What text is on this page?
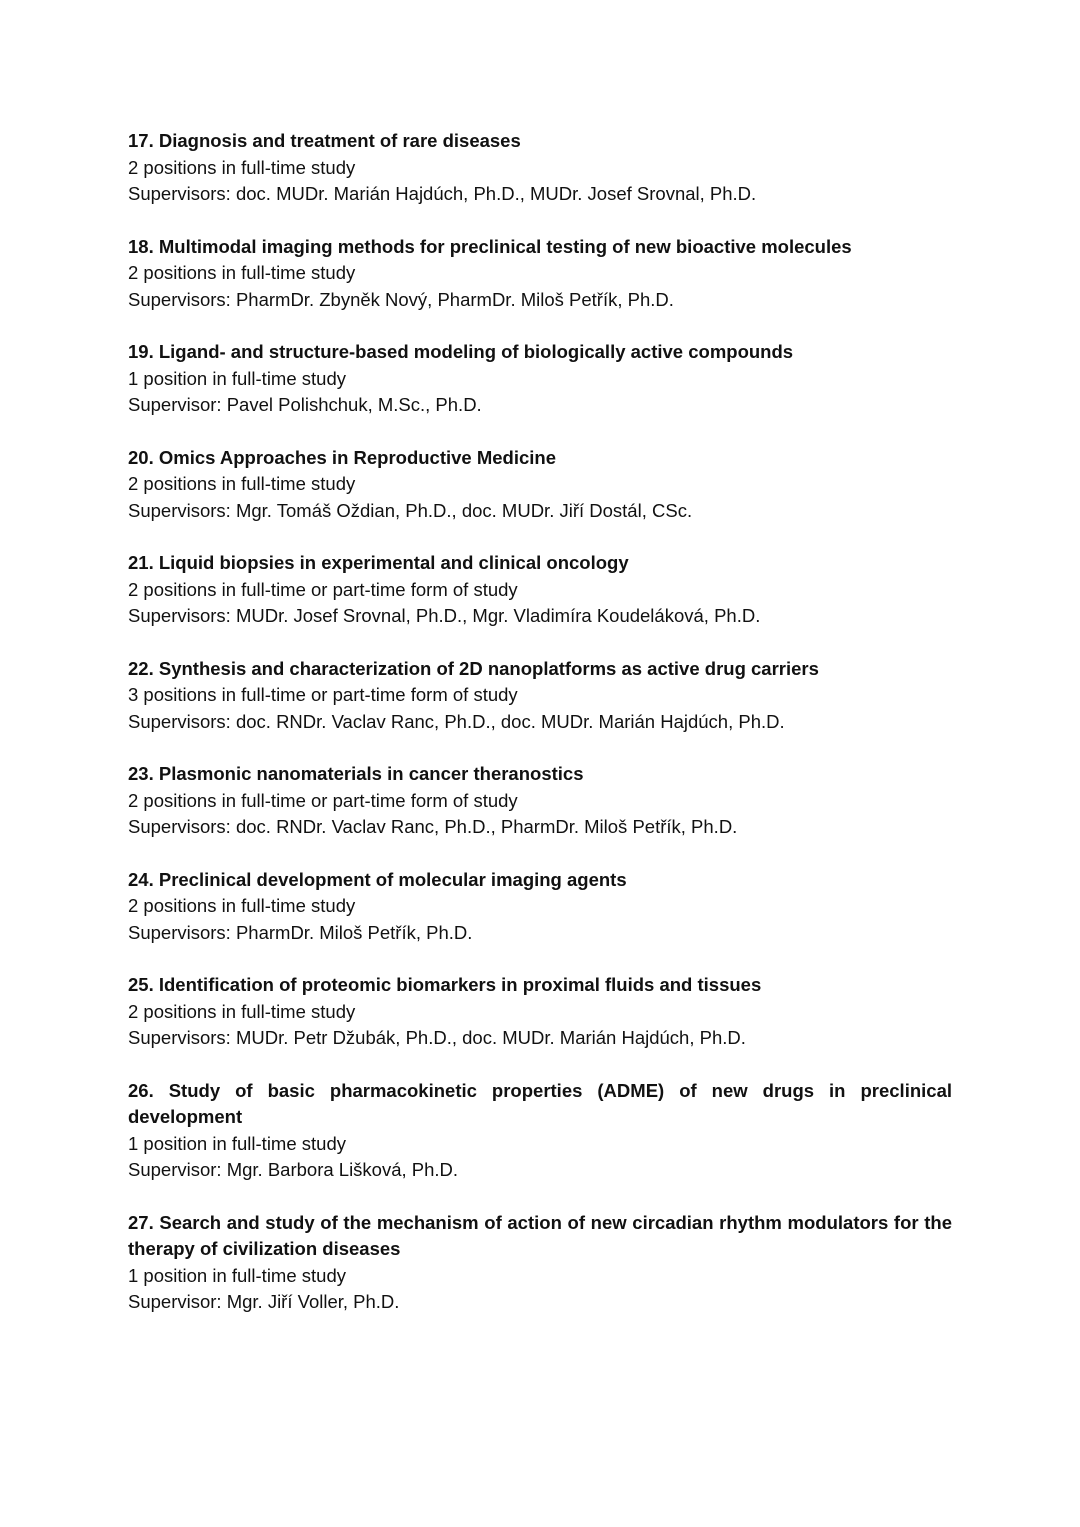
17. Diagnosis and treatment of rare diseases

2 positions in full-time study

Supervisors: doc. MUDr. Marián Hajdúch, Ph.D., MUDr. Josef Srovnal, Ph.D.

18. Multimodal imaging methods for preclinical testing of new bioactive molecules

2 positions in full-time study

Supervisors: PharmDr. Zbyněk Nový, PharmDr. Miloš Petřík, Ph.D.

19. Ligand- and structure-based modeling of biologically active compounds

1 position in full-time study

Supervisor: Pavel Polishchuk, M.Sc., Ph.D.

20. Omics Approaches in Reproductive Medicine

2 positions in full-time study

Supervisors: Mgr. Tomáš Oždian, Ph.D., doc. MUDr. Jiří Dostál, CSc.

21. Liquid biopsies in experimental and clinical oncology

2 positions in full-time or part-time form of study

Supervisors: MUDr. Josef Srovnal, Ph.D., Mgr. Vladimíra Koudeláková, Ph.D.

22. Synthesis and characterization of 2D nanoplatforms as active drug carriers

3 positions in full-time or part-time form of study

Supervisors: doc. RNDr. Vaclav Ranc, Ph.D., doc. MUDr. Marián Hajdúch, Ph.D.

23. Plasmonic nanomaterials in cancer theranostics

2 positions in full-time or part-time form of study

Supervisors: doc. RNDr. Vaclav Ranc, Ph.D., PharmDr. Miloš Petřík, Ph.D.

24. Preclinical development of molecular imaging agents

2 positions in full-time study

Supervisors: PharmDr. Miloš Petřík, Ph.D.

25. Identification of proteomic biomarkers in proximal fluids and tissues

2 positions in full-time study

Supervisors: MUDr. Petr Džubák, Ph.D., doc. MUDr. Marián Hajdúch, Ph.D.

26. Study of basic pharmacokinetic properties (ADME) of new drugs in preclinical development

1 position in full-time study

Supervisor: Mgr. Barbora Lišková, Ph.D.

27. Search and study of the mechanism of action of new circadian rhythm modulators for the therapy of civilization diseases

1 position in full-time study

Supervisor: Mgr. Jiří Voller, Ph.D.
